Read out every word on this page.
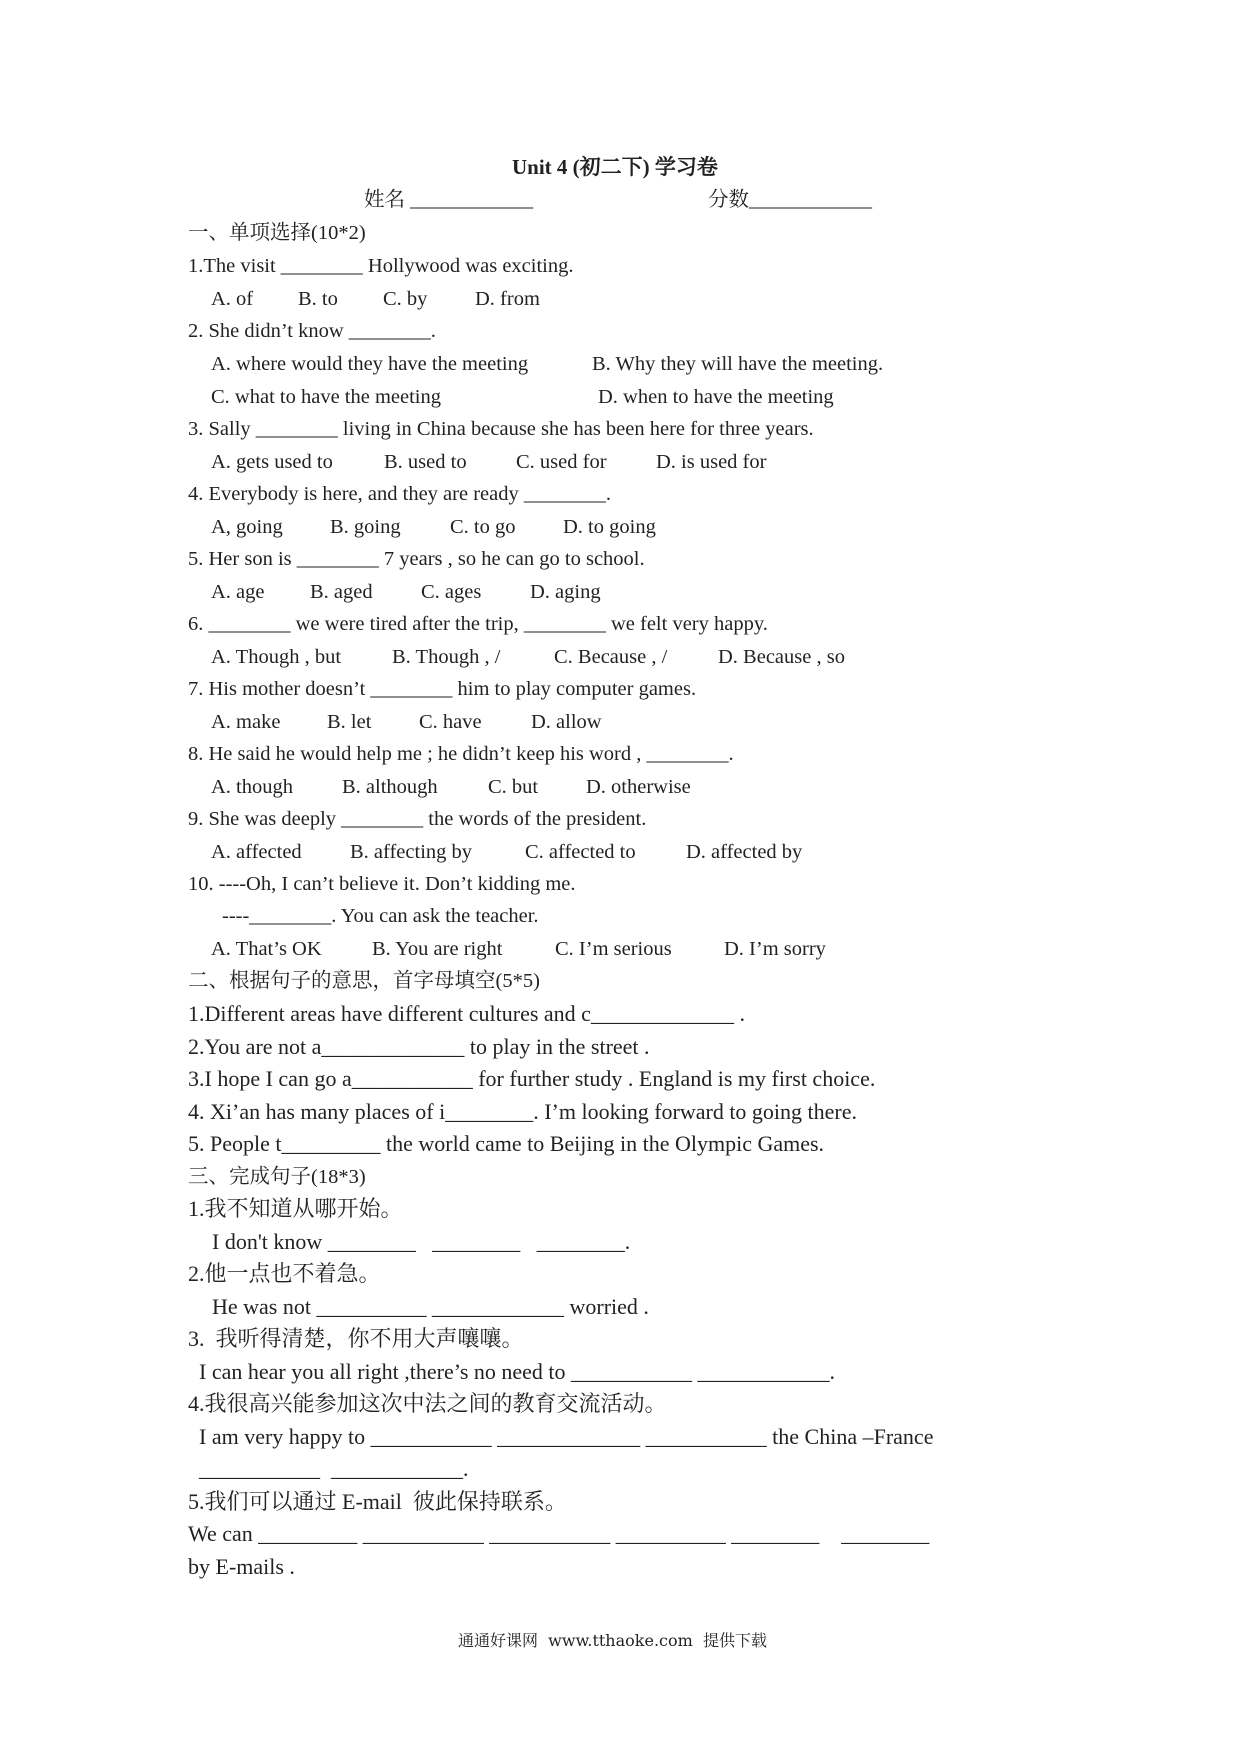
Unit 4 (初二下) 学习卷
姓名 ____________	分数____________
一、单项选择(10*2)
1.The visit ________ Hollywood was exciting.
A. of B. to C. by D. from
2. She didn’t know ________.
A. where would they have the meeting	B. Why they will have the meeting.
C. what to have the meeting	D. when to have the meeting
3. Sally ________ living in China because she has been here for three years.
A. gets used to B. used to C. used for D. is used for
4. Everybody is here, and they are ready ________.
A, going B. going C. to go D. to going
5. Her son is ________ 7 years , so he can go to school.
A. age B. aged C. ages D. aging
6. ________ we were tired after the trip, ________ we felt very happy.
A. Though , but B. Though , /	C. Because , / D. Because , so
7. His mother doesn’t ________ him to play computer games.
A. make B. let C. have D. allow
8. He said he would help me ; he didn’t keep his word , ________.
A. though B. although C. but D. otherwise
9. She was deeply ________ the words of the president.
A. affected B. affecting by	C. affected to D. affected by
10. ----Oh, I can’t believe it. Don’t kidding me.
----________. You can ask the teacher.
A. That’s OK B. You are right	C. I’m serious	D. I’m sorry
二、根据句子的意思，首字母填空(5*5)
1.Different areas have different cultures and c_____________ .
2.You are not a_____________ to play in the street .
3.I hope I can go a___________ for further study . England is my first choice.
4. Xi’an has many places of i________. I’m looking forward to going there.
5. People t_________ the world came to Beijing in the Olympic Games.
三、完成句子(18*3)
1.我不知道从哪开始。
I don't know ________   ________   ________.
2.他一点也不着急。
He was not __________ ____________ worried .
3.  我听得清楚，你不用大声嚷嚷。
I can hear you all right ,there’s no need to ___________ ____________.
4.我很高兴能参加这次中法之间的教育交流活动。
I am very happy to ___________ _____________ ___________ the China –France
___________  ____________.
5.我们可以通过 E-mail  彼此保持联系。
We can _________ ___________ ___________ __________ ________    ________
by E-mails .
通通好课网  www.tthaoke.com  提供下载
